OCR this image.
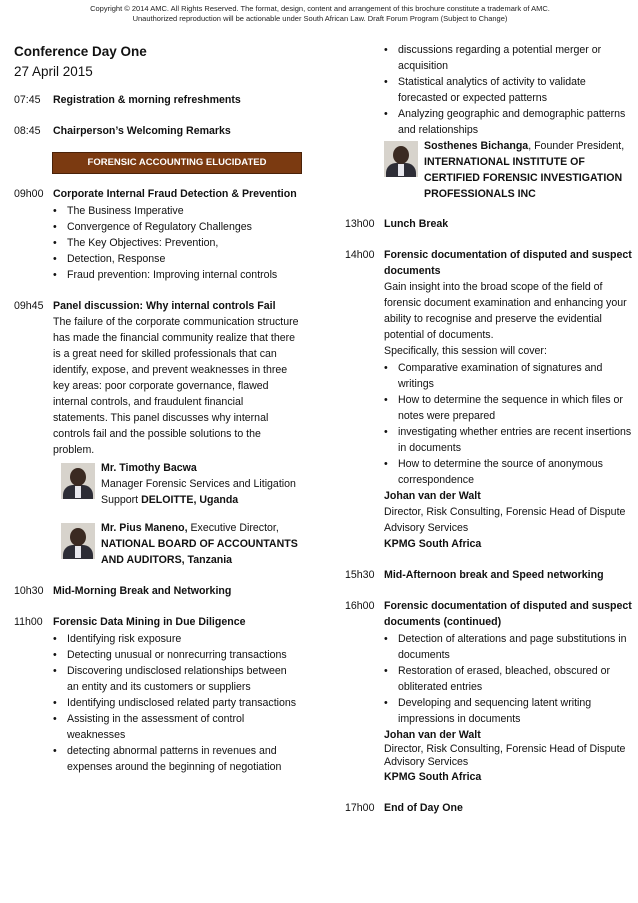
Copyright © 2014 AMC. All Rights Reserved. The format, design, content and arrangement of this brochure constitute a trademark of AMC.
Unauthorized reproduction will be actionable under South African Law. Draft Forum Program (Subject to Change)
Conference Day One
27 April 2015
07:45	Registration & morning refreshments
08:45	Chairperson’s Welcoming Remarks
FORENSIC ACCOUNTING ELUCIDATED
09h00 Corporate Internal Fraud Detection & Prevention
• The Business Imperative
• Convergence of Regulatory Challenges
• The Key Objectives: Prevention,
• Detection, Response
• Fraud prevention: Improving internal controls
09h45 Panel discussion: Why internal controls Fail
The failure of the corporate communication structure has made the financial community realize that there is a great need for skilled professionals that can identify, expose, and prevent weaknesses in three key areas: poor corporate governance, flawed internal controls, and fraudulent financial statements. This panel discusses why internal controls fail and the possible solutions to the problem.
Mr. Timothy Bacwa
Manager Forensic Services and Litigation Support DELOITTE, Uganda
Mr. Pius Maneno, Executive Director,
NATIONAL BOARD OF ACCOUNTANTS AND AUDITORS, Tanzania
10h30 Mid-Morning Break and Networking
11h00 Forensic Data Mining in Due Diligence
• Identifying risk exposure
• Detecting unusual or nonrecurring transactions
• Discovering undisclosed relationships between an entity and its customers or suppliers
• Identifying undisclosed related party transactions
• Assisting in the assessment of control weaknesses
• detecting abnormal patterns in revenues and expenses around the beginning of negotiation
• discussions regarding a potential merger or acquisition
• Statistical analytics of activity to validate forecasted or expected patterns
• Analyzing geographic and demographic patterns and relationships
Sosthenes Bichanga, Founder President,
INTERNATIONAL INSTITUTE OF CERTIFIED FORENSIC INVESTIGATION PROFESSIONALS INC
13h00 Lunch Break
14h00 Forensic documentation of disputed and suspect documents
Gain insight into the broad scope of the field of forensic document examination and enhancing your ability to recognise and preserve the evidential potential of documents.
Specifically, this session will cover:
• Comparative examination of signatures and writings
• How to determine the sequence in which files or notes were prepared
• investigating whether entries are recent insertions in documents
• How to determine the source of anonymous correspondence
Johan van der Walt
Director, Risk Consulting, Forensic Head of Dispute Advisory Services
KPMG South Africa
15h30 Mid-Afternoon break and Speed networking
16h00 Forensic documentation of disputed and suspect documents (continued)
• Detection of alterations and page substitutions in documents
• Restoration of erased, bleached, obscured or obliterated entries
• Developing and sequencing latent writing impressions in documents
Johan van der Walt
Director, Risk Consulting, Forensic Head of Dispute Advisory Services
KPMG South Africa
17h00 End of Day One
